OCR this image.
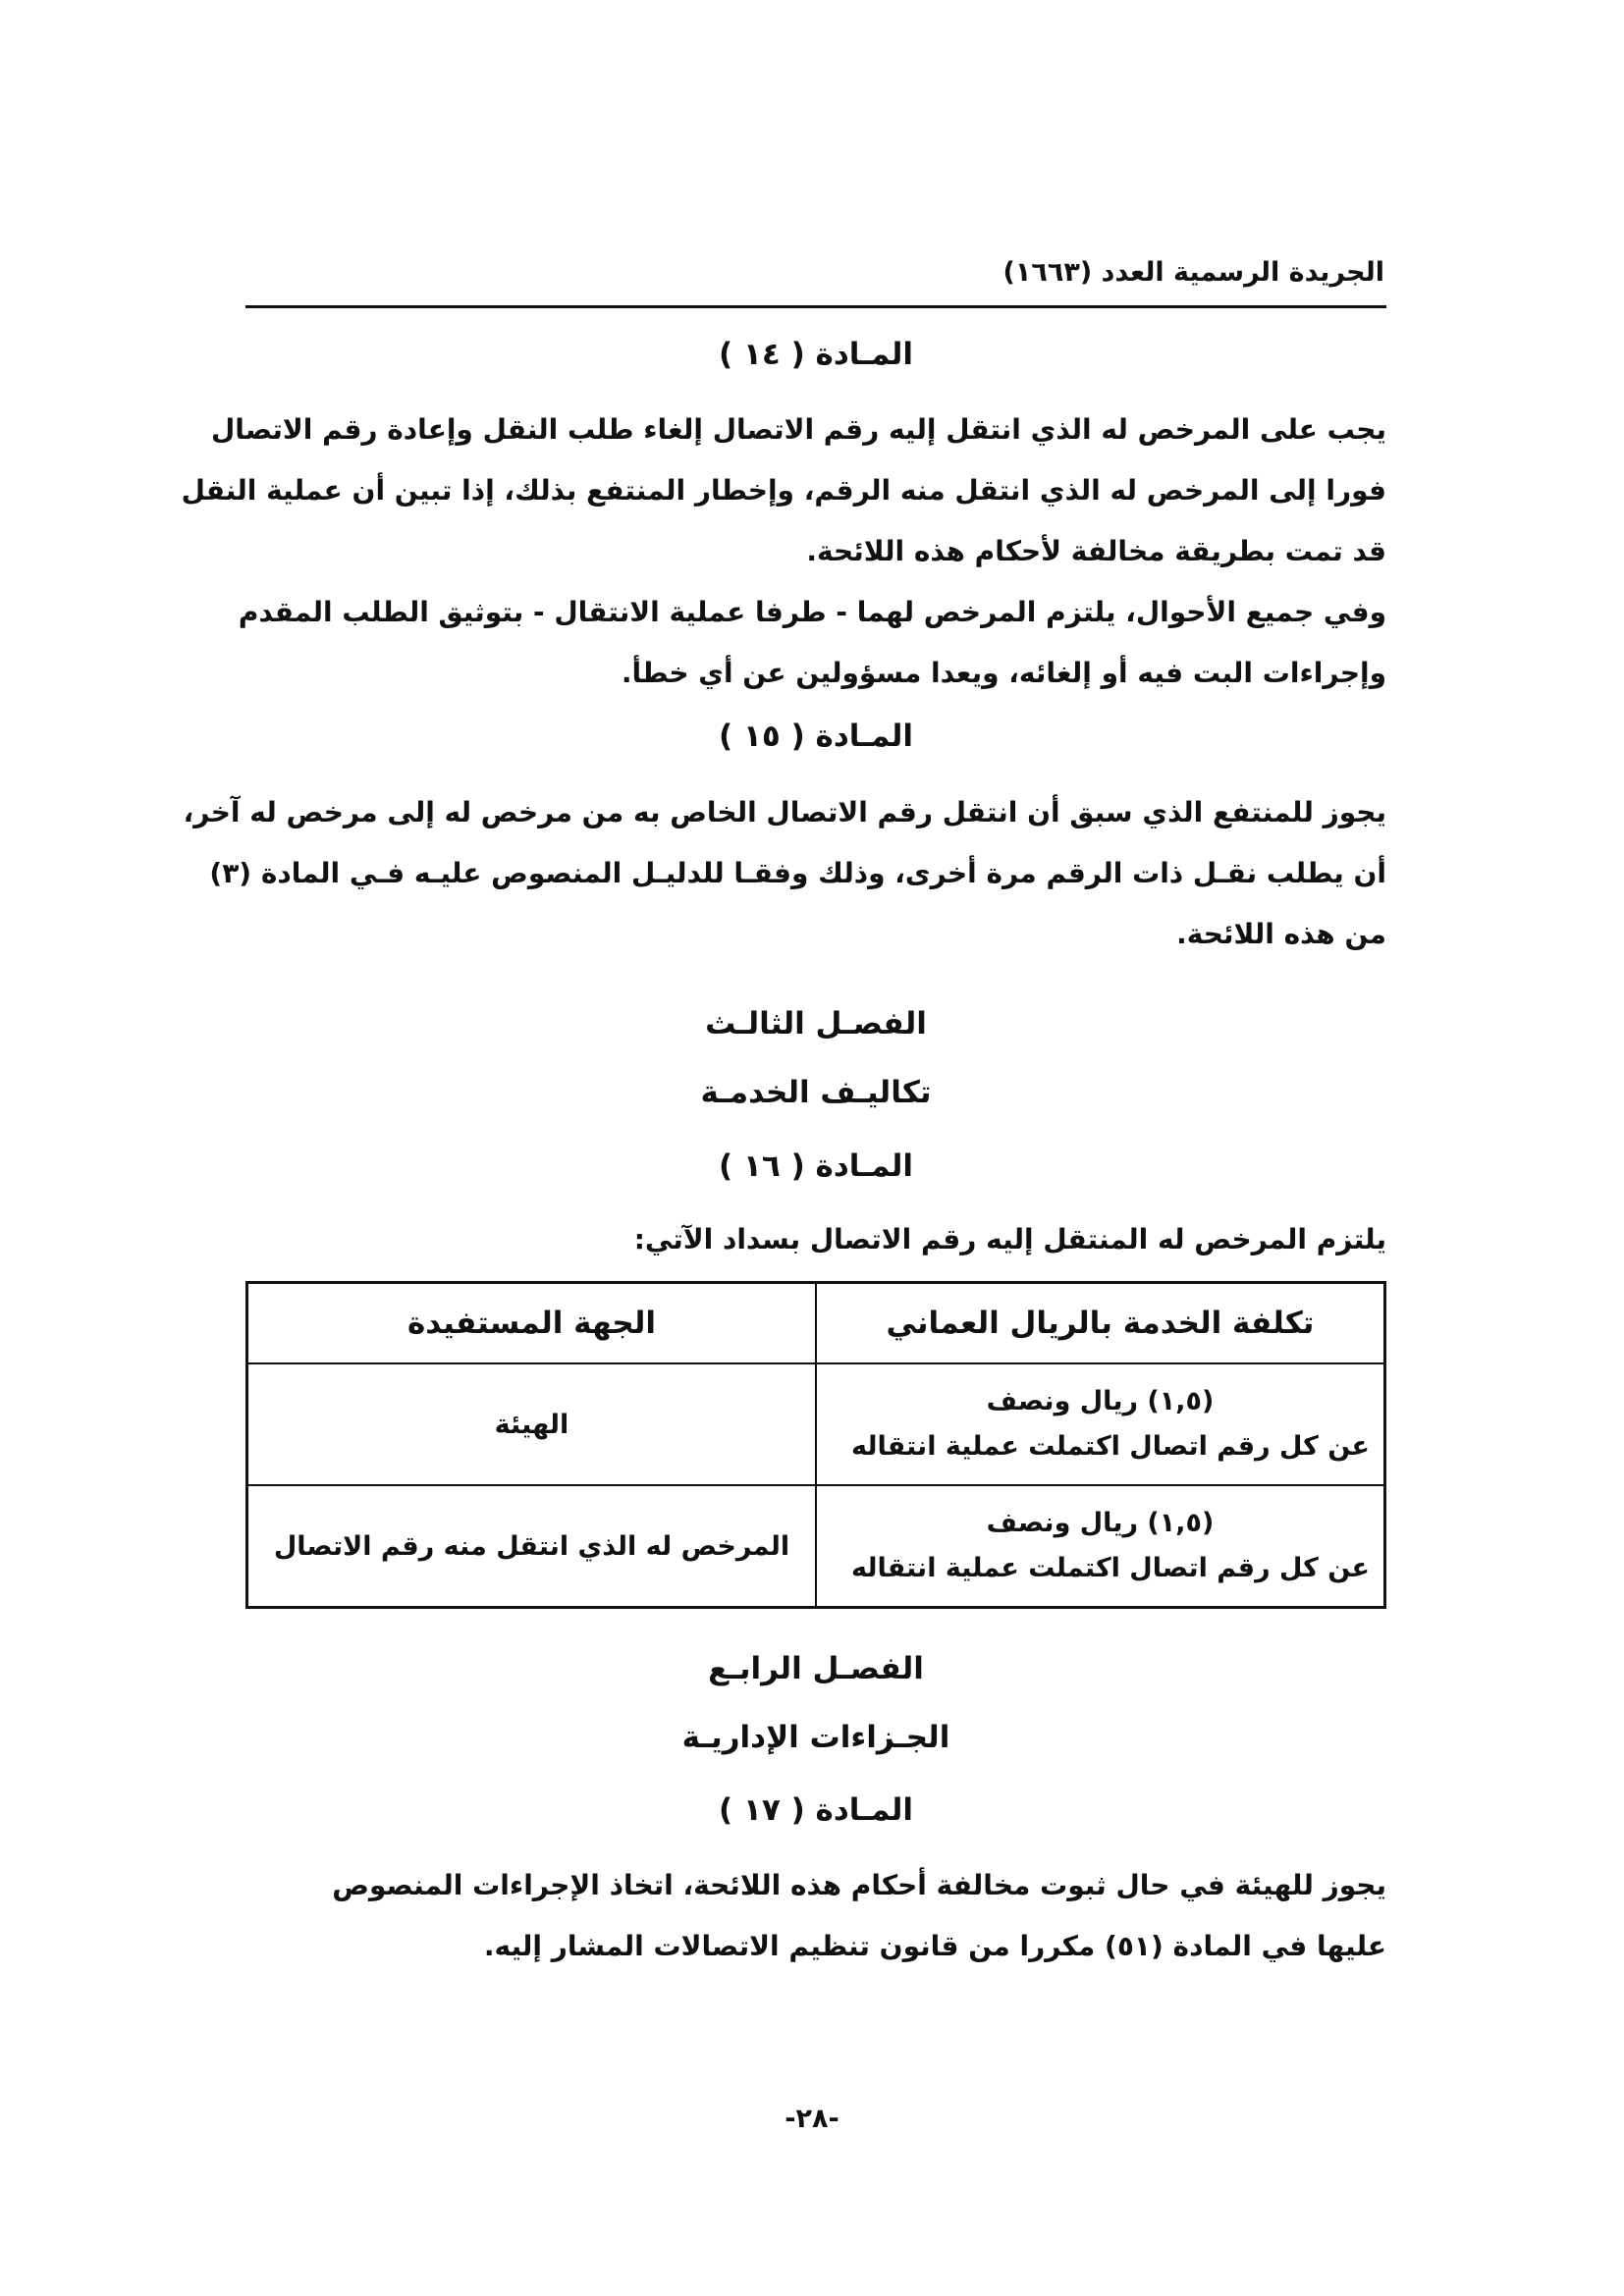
الجريدة الرسمية العدد (١٦٦٣)
المـادة ( ١٤ )
يجب على المرخص له الذي انتقل إليه رقم الاتصال إلغاء طلب النقل وإعادة رقم الاتصال
فورا إلى المرخص له الذي انتقل منه الرقم، وإخطار المنتفع بذلك، إذا تبين أن عملية النقل
قد تمت بطريقة مخالفة لأحكام هذه اللائحة.
وفي جميع الأحوال، يلتزم المرخص لهما - طرفا عملية الانتقال - بتوثيق الطلب المقدم
وإجراءات البت فيه أو إلغائه، ويعدا مسؤولين عن أي خطأ.
المـادة ( ١٥ )
يجوز للمنتفع الذي سبق أن انتقل رقم الاتصال الخاص به من مرخص له إلى مرخص له آخر،
أن يطلب نقـل ذات الرقم مرة أخرى، وذلك وفقـا للدليـل المنصوص عليـه فـي المادة (٣)
من هذه اللائحة.
الفصـل الثالـث
تكاليـف الخدمـة
المـادة ( ١٦ )
يلتزم المرخص له المنتقل إليه رقم الاتصال بسداد الآتي:
تكلفة الخدمة بالريال العماني	الجهة المستفيدة

(١,٥) ريال ونصف
عن كل رقم اتصال اكتملت عملية انتقاله	الهيئة

(١,٥) ريال ونصف
عن كل رقم اتصال اكتملت عملية انتقاله	المرخص له الذي انتقل منه رقم الاتصال
الفصـل الرابـع
الجـزاءات الإداريـة
المـادة ( ١٧ )
يجوز للهيئة في حال ثبوت مخالفة أحكام هذه اللائحة، اتخاذ الإجراءات المنصوص
عليها في المادة (٥١) مكررا من قانون تنظيم الاتصالات المشار إليه.
-٢٨-
